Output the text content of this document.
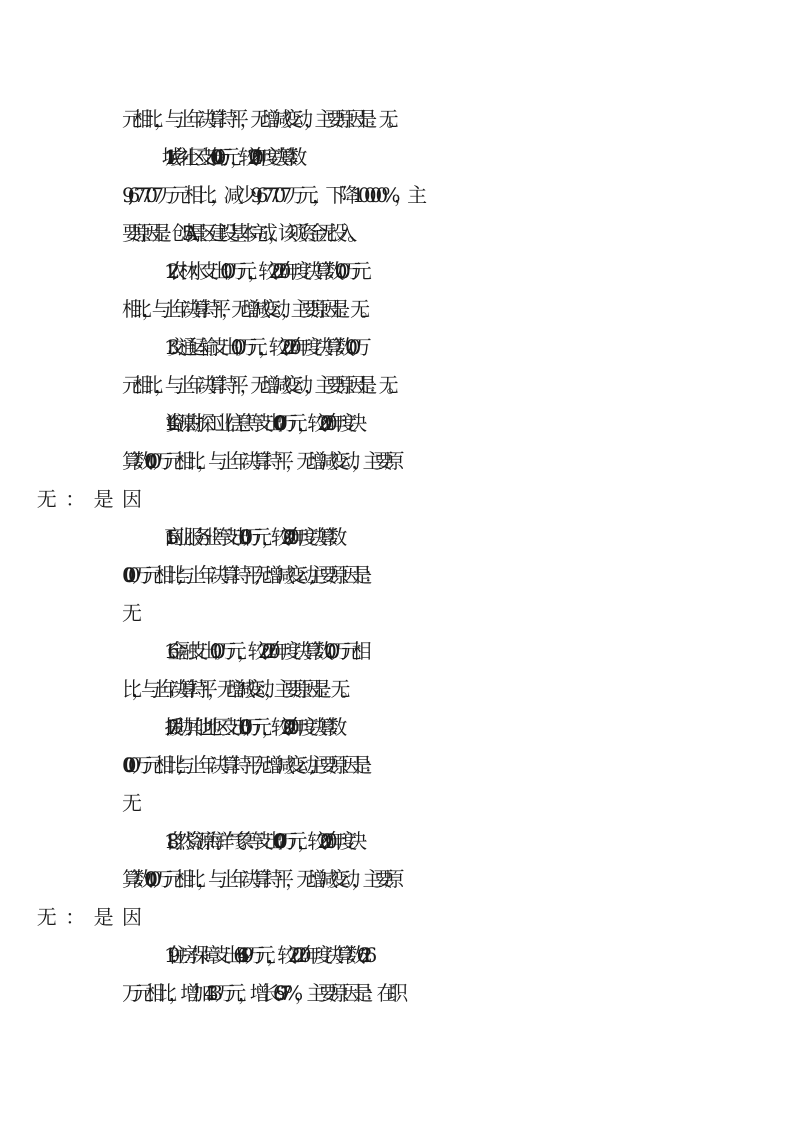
元相比，与上年决算持平，无增减变动，主要原因是：无 。
11.城乡社区支出0.00万元，较2020年度决算数
9,677.07万元相比，减少9,677.07万元，下降100.00%，主
要原因是：创5A景区建设基本完成，该项资金无投入。
12.农林水支出0.00万元，较2020年度决算数0.00万元
相比，与上年决算持平，无增减变动，主要原因是：无。
13.交通运输支出0.00万元，较2020年度决算数0.00万
元相比，与上年决算持平，无增减变动，主要原因是：无 。
14.资源勘探工业信息等支出0.00万元，较2020年度决
算数0.00万元相比，与上年决算持平，无增减变动，主要原
15.商业服务业等支出0.00万元，较2020年度决算数
0.00万元相比,与上年决算持平,无增减变动,主要原因是：
16.金融支出0.00万元，较2020年度决算数0.00万元相
比，与上年决算持平，无增减变动，主要原因是：无。
17.援助其他地区支出0.00万元，较2020年度决算数
0.00万元相比,与上年决算持平,无增减变动,主要原因是：
18.自然资源海洋气象等支出0.00万元，较2020年度决
算数0.00万元相比，与上年决算持平，无增减变动，主要原
19.住房保障支出66.49万元，较2020年度决算数62.16
万元相比，增加4.33万元，增长6.97%，主要原因是：在职
